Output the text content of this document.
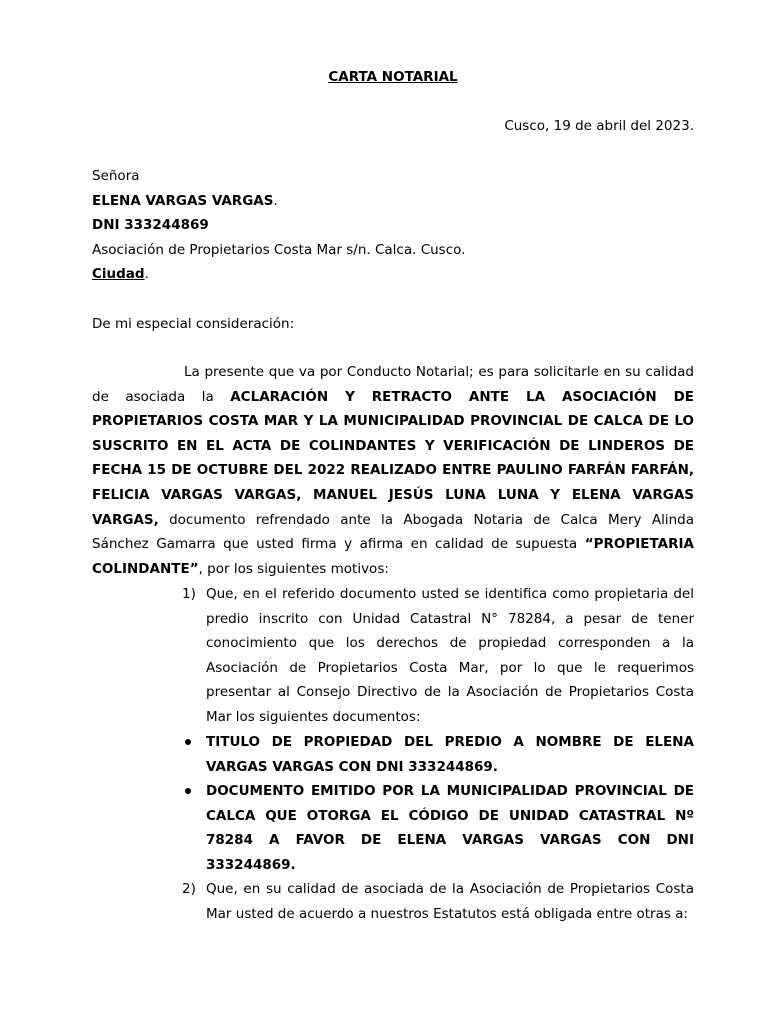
CARTA NOTARIAL
Cusco, 19 de abril del 2023.
Señora
ELENA VARGAS VARGAS.
DNI 333244869
Asociación de Propietarios Costa Mar s/n. Calca. Cusco.
Ciudad.
De mi especial consideración:

La presente que va por Conducto Notarial; es para solicitarle en su calidad de asociada la ACLARACIÓN Y RETRACTO ANTE LA ASOCIACIÓN DE PROPIETARIOS COSTA MAR Y LA MUNICIPALIDAD PROVINCIAL DE CALCA DE LO SUSCRITO EN EL ACTA DE COLINDANTES Y VERIFICACIÓN DE LINDEROS DE FECHA 15 DE OCTUBRE DEL 2022 REALIZADO ENTRE PAULINO FARFÁN FARFÁN, FELICIA VARGAS VARGAS, MANUEL JESÚS LUNA LUNA Y ELENA VARGAS VARGAS, documento refrendado ante la Abogada Notaria de Calca Mery Alinda Sánchez Gamarra que usted firma y afirma en calidad de supuesta “PROPIETARIA COLINDANTE”, por los siguientes motivos:

1) Que, en el referido documento usted se identifica como propietaria del predio inscrito con Unidad Catastral N° 78284, a pesar de tener conocimiento que los derechos de propiedad corresponden a la Asociación de Propietarios Costa Mar, por lo que le requerimos presentar al Consejo Directivo de la Asociación de Propietarios Costa Mar los siguientes documentos:
TITULO DE PROPIEDAD DEL PREDIO A NOMBRE DE ELENA VARGAS VARGAS CON DNI 333244869.
DOCUMENTO EMITIDO POR LA MUNICIPALIDAD PROVINCIAL DE CALCA QUE OTORGA EL CÓDIGO DE UNIDAD CATASTRAL Nº 78284 A FAVOR DE ELENA VARGAS VARGAS CON DNI 333244869.
2) Que, en su calidad de asociada de la Asociación de Propietarios Costa Mar usted de acuerdo a nuestros Estatutos está obligada entre otras a:
